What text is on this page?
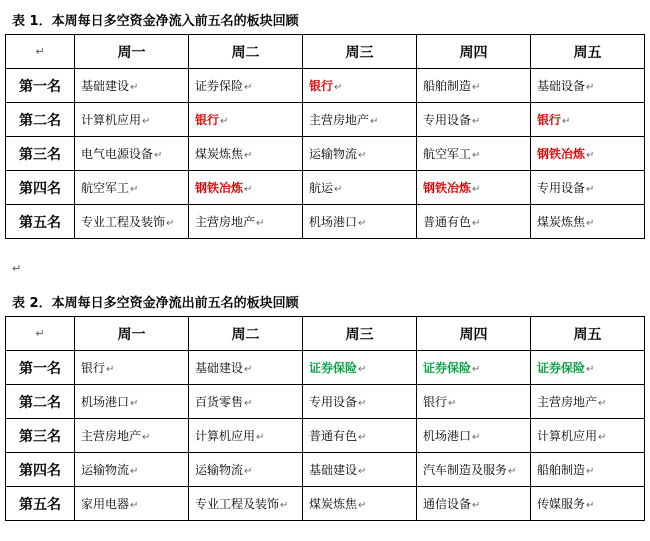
表 1．本周每日多空资金净流入前五名的板块回顾
↵	周一	周二	周三	周四	周五
第一名	基础建设↵	证券保险↵	银行↵	船舶制造↵	基础设备↵
第二名	计算机应用↵	银行↵	主营房地产↵	专用设备↵	银行↵
第三名	电气电源设备↵	煤炭炼焦↵	运输物流↵	航空军工↵	钢铁冶炼↵
第四名	航空军工↵	钢铁冶炼↵	航运↵	钢铁冶炼↵	专用设备↵
第五名	专业工程及装饰↵	主营房地产↵	机场港口↵	普通有色↵	煤炭炼焦↵
↵
表 2．本周每日多空资金净流出前五名的板块回顾
↵	周一	周二	周三	周四	周五
第一名	银行↵	基础建设↵	证券保险↵	证券保险↵	证券保险↵
第二名	机场港口↵	百货零售↵	专用设备↵	银行↵	主营房地产↵
第三名	主营房地产↵	计算机应用↵	普通有色↵	机场港口↵	计算机应用↵
第四名	运输物流↵	运输物流↵	基础建设↵	汽车制造及服务↵	船舶制造↵
第五名	家用电器↵	专业工程及装饰↵	煤炭炼焦↵	通信设备↵	传媒服务↵
